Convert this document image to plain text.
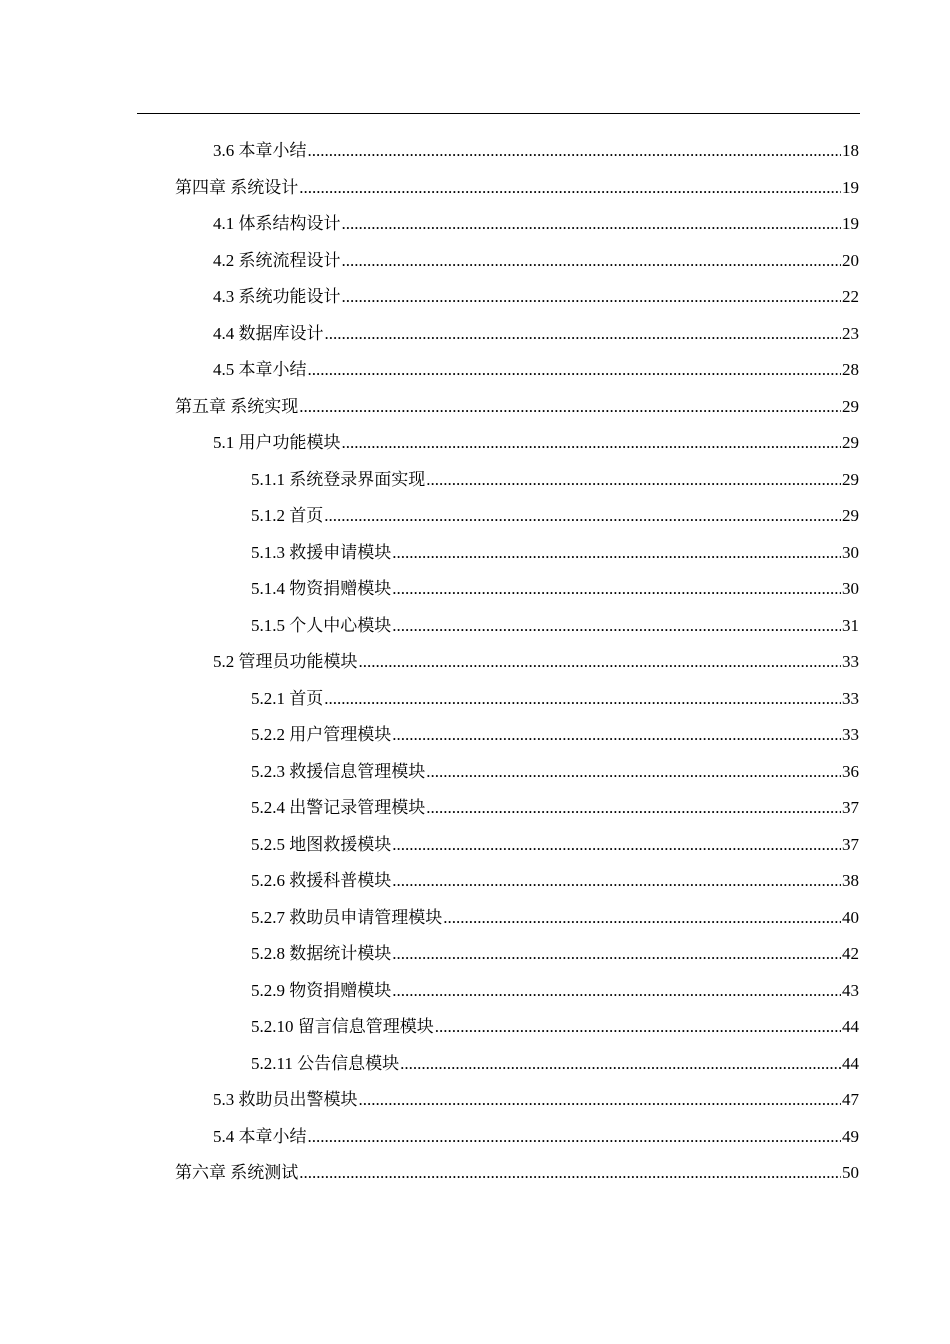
3.6 本章小结 .....	18
第四章 系统设计 .....	19
4.1 体系结构设计 .....	19
4.2 系统流程设计 .....	20
4.3 系统功能设计 .....	22
4.4 数据库设计 .....	23
4.5 本章小结 .....	28
第五章 系统实现 .....	29
5.1 用户功能模块 .....	29
5.1.1 系统登录界面实现 .....	29
5.1.2 首页 .....	29
5.1.3 救援申请模块 .....	30
5.1.4 物资捐赠模块 .....	30
5.1.5 个人中心模块 .....	31
5.2 管理员功能模块 .....	33
5.2.1 首页 .....	33
5.2.2 用户管理模块 .....	33
5.2.3 救援信息管理模块 .....	36
5.2.4 出警记录管理模块 .....	37
5.2.5 地图救援模块 .....	37
5.2.6 救援科普模块 .....	38
5.2.7 救助员申请管理模块 .....	40
5.2.8 数据统计模块 .....	42
5.2.9 物资捐赠模块 .....	43
5.2.10 留言信息管理模块 .....	44
5.2.11 公告信息模块 .....	44
5.3 救助员出警模块 .....	47
5.4 本章小结 .....	49
第六章 系统测试 .....	50
